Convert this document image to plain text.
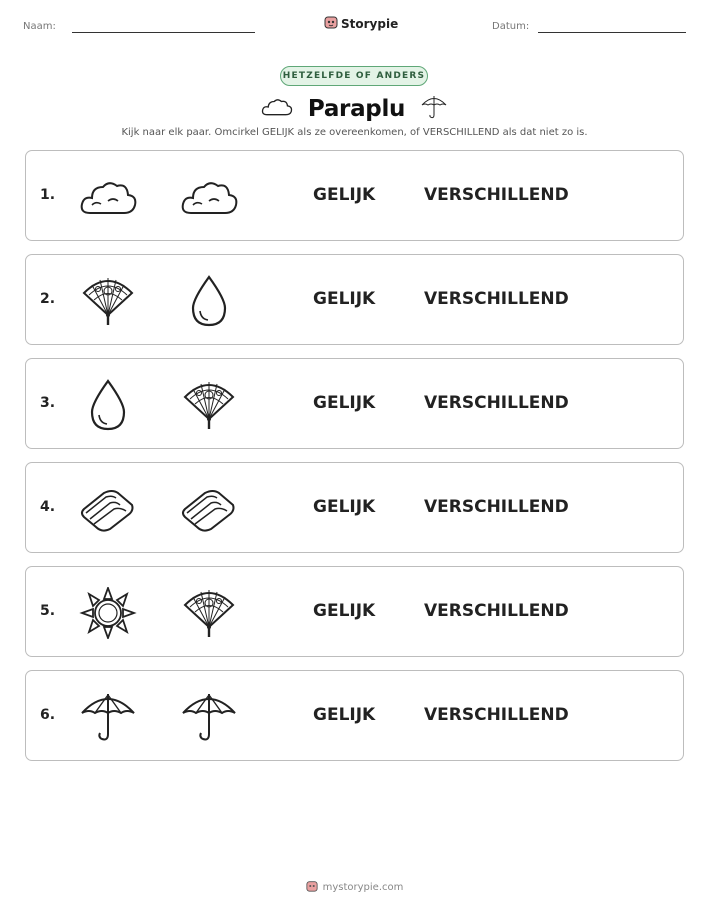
Naam:	Storypie	Datum:
HETZELFDE OF ANDERS
Paraplu
Kijk naar elk paar. Omcirkel GELIJK als ze overeenkomen, of VERSCHILLEND als dat niet zo is.
1.	GELIJK	VERSCHILLEND
2.	GELIJK	VERSCHILLEND
3.	GELIJK	VERSCHILLEND
4.	GELIJK	VERSCHILLEND
5.	GELIJK	VERSCHILLEND
6.	GELIJK	VERSCHILLEND
mystorypie.com
